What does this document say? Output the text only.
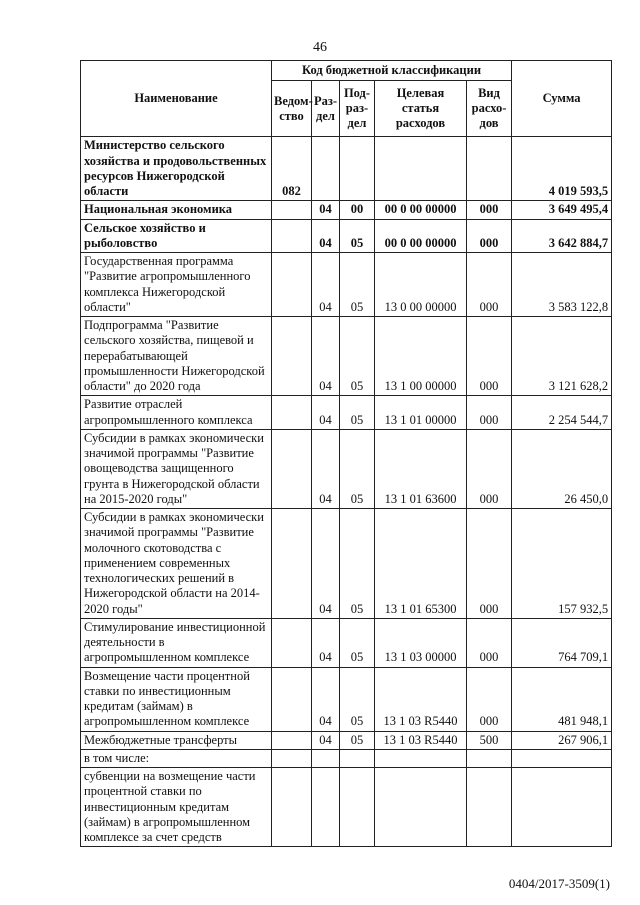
46
Наименование	Код бюджетной классификации					Сумма
	Ведом-ство	Раз-дел	Под-раз-дел	Целевая статья расходов	Вид расхо-дов	
Министерство сельского хозяйства и продовольственных ресурсов Нижегородской области	082					4 019 593,5
Национальная экономика		04	00	00 0 00 00000	000	3 649 495,4
Сельское хозяйство и рыболовство		04	05	00 0 00 00000	000	3 642 884,7
Государственная программа "Развитие агропромышленного комплекса Нижегородской области"		04	05	13 0 00 00000	000	3 583 122,8
Подпрограмма "Развитие сельского хозяйства, пищевой и перерабатывающей промышленности Нижегородской области" до 2020 года		04	05	13 1 00 00000	000	3 121 628,2
Развитие отраслей агропромышленного комплекса		04	05	13 1 01 00000	000	2 254 544,7
Субсидии в рамках экономически значимой программы "Развитие овощеводства защищенного грунта в Нижегородской области на 2015-2020 годы"		04	05	13 1 01 63600	000	26 450,0
Субсидии в рамках экономически значимой программы "Развитие молочного скотоводства с применением современных технологических решений в Нижегородской области на 2014-2020 годы"		04	05	13 1 01 65300	000	157 932,5
Стимулирование инвестиционной деятельности в агропромышленном комплексе		04	05	13 1 03 00000	000	764 709,1
Возмещение части процентной ставки по инвестиционным кредитам (займам) в агропромышленном комплексе		04	05	13 1 03 R5440	000	481 948,1
Межбюджетные трансферты		04	05	13 1 03 R5440	500	267 906,1
в том числе:						
субвенции на возмещение части процентной ставки по инвестиционным кредитам (займам) в агропромышленном комплексе за счет средств						
0404/2017-3509(1)
